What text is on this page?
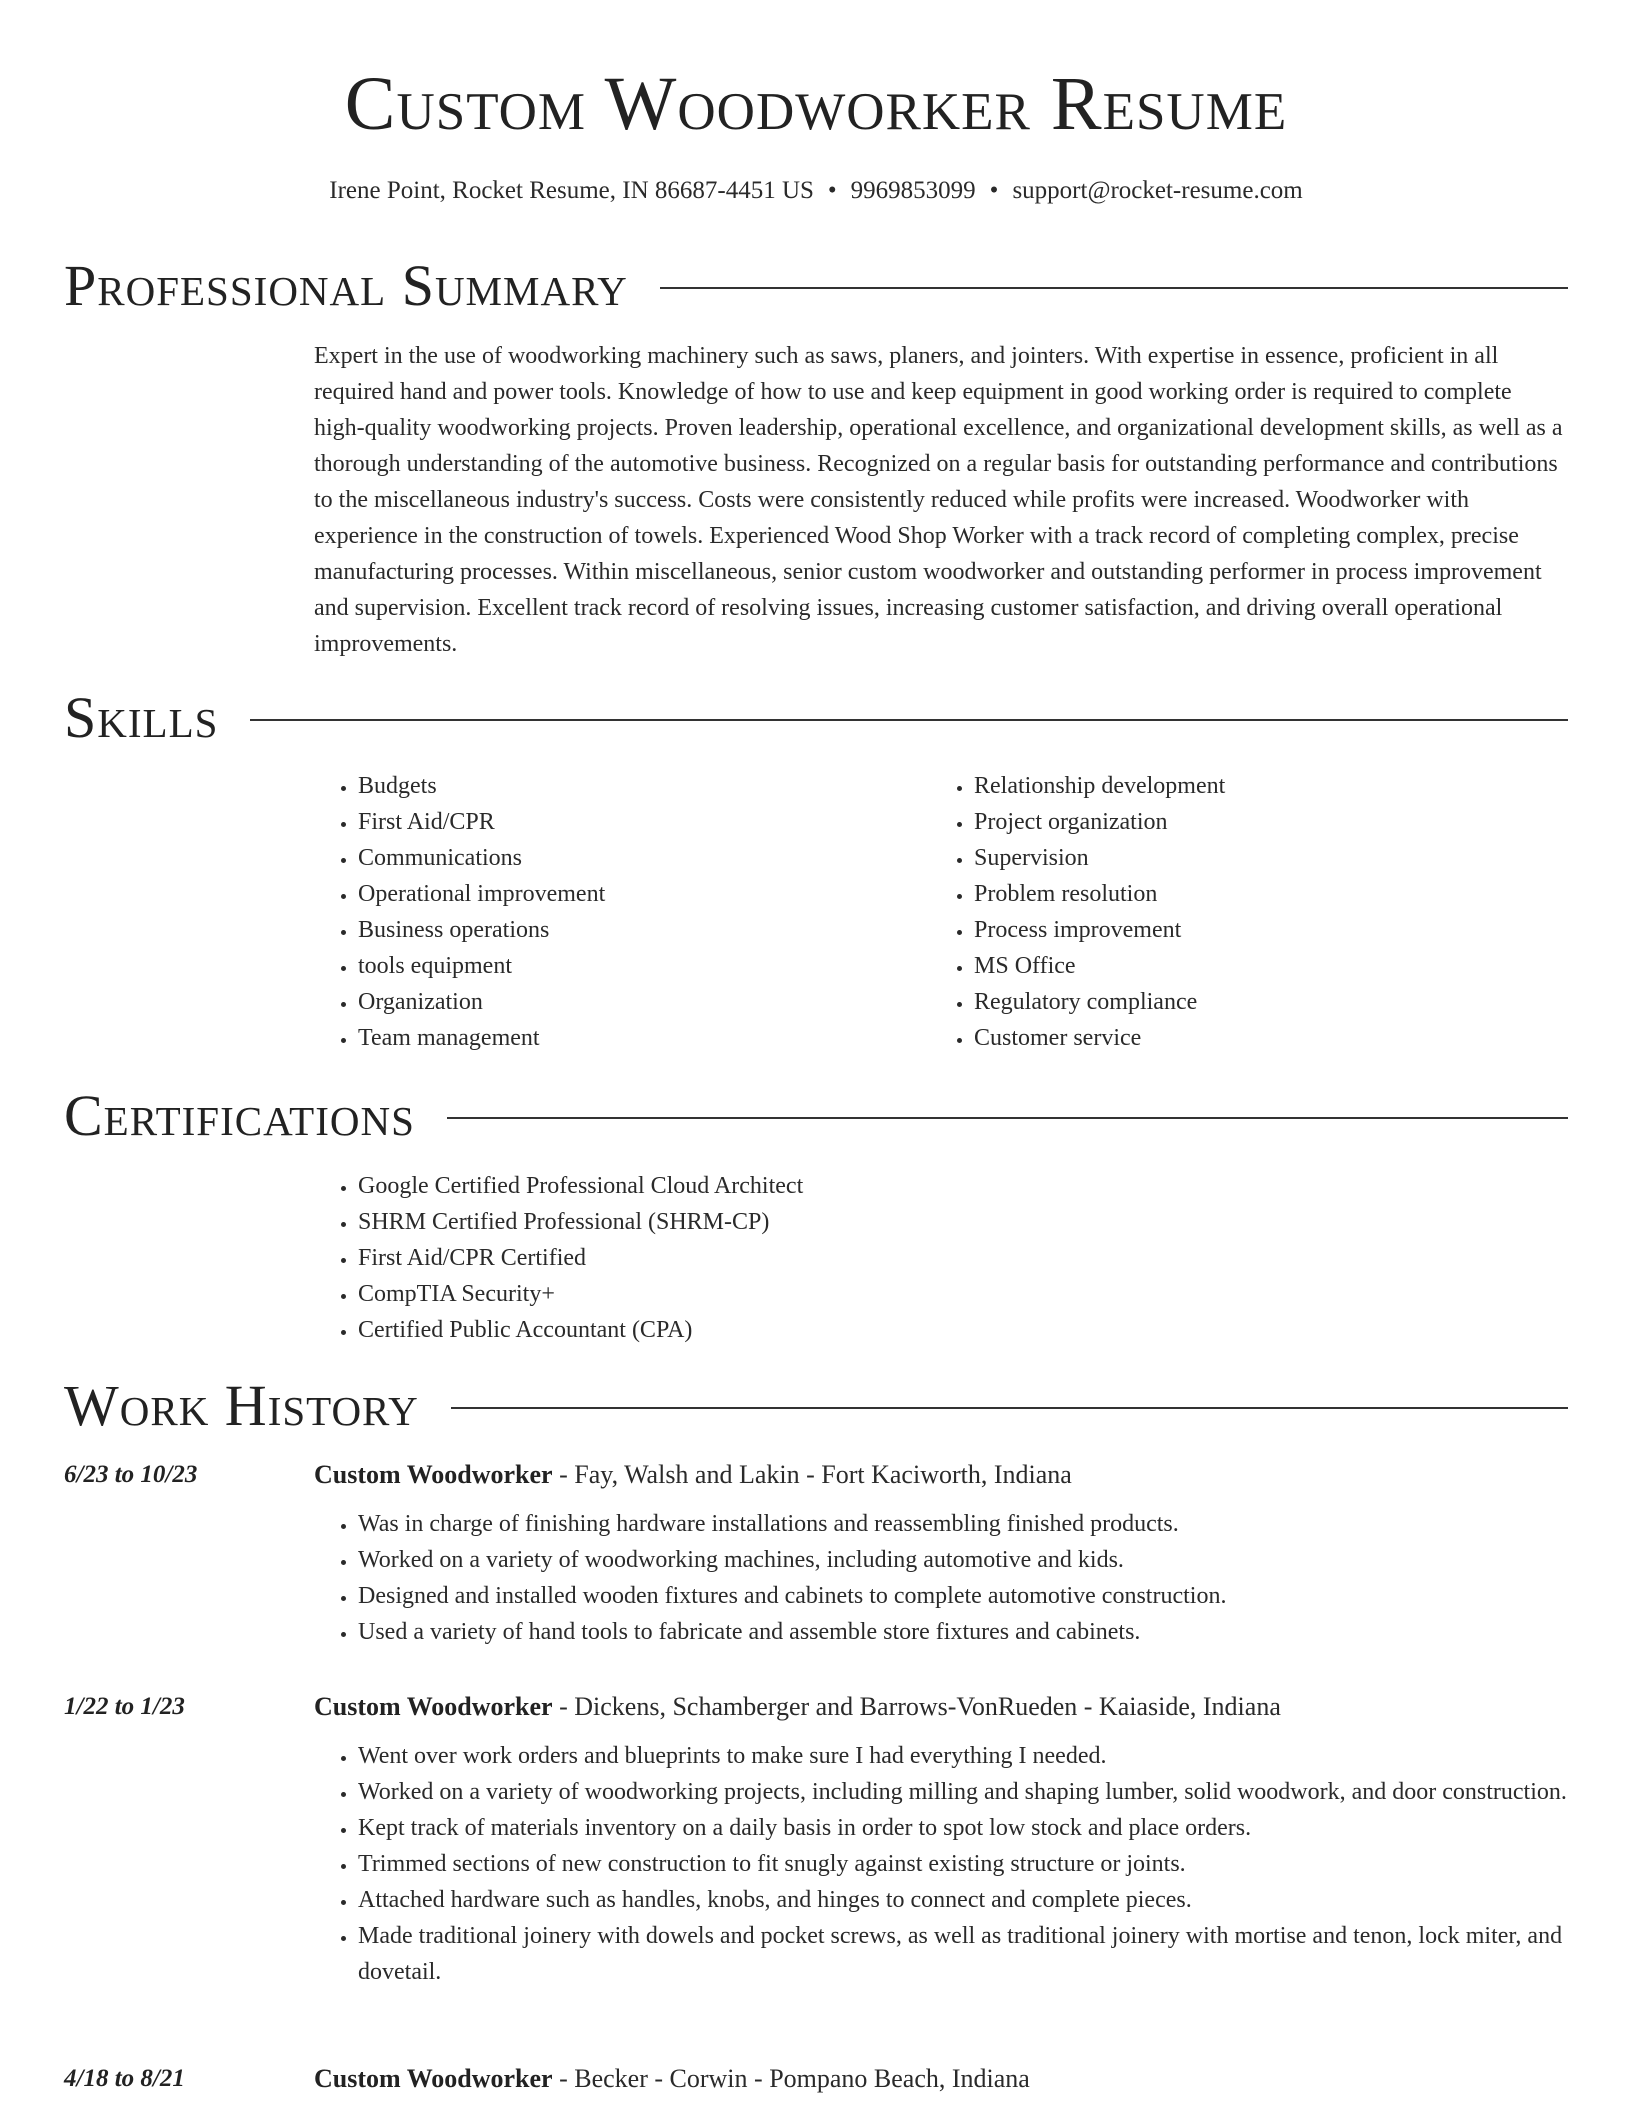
Custom Woodworker Resume
Irene Point, Rocket Resume, IN 86687-4451 US • 9969853099 • support@rocket-resume.com
Professional Summary

Expert in the use of woodworking machinery such as saws, planers, and jointers. With expertise in essence, proficient in all required hand and power tools. Knowledge of how to use and keep equipment in good working order is required to complete high-quality woodworking projects. Proven leadership, operational excellence, and organizational development skills, as well as a thorough understanding of the automotive business. Recognized on a regular basis for outstanding performance and contributions to the miscellaneous industry's success. Costs were consistently reduced while profits were increased. Woodworker with experience in the construction of towels. Experienced Wood Shop Worker with a track record of completing complex, precise manufacturing processes. Within miscellaneous, senior custom woodworker and outstanding performer in process improvement and supervision. Excellent track record of resolving issues, increasing customer satisfaction, and driving overall operational improvements.

Skills
• Budgets
• First Aid/CPR
• Communications
• Operational improvement
• Business operations
• tools equipment
• Organization
• Team management
• Relationship development
• Project organization
• Supervision
• Problem resolution
• Process improvement
• MS Office
• Regulatory compliance
• Customer service
Certifications
• Google Certified Professional Cloud Architect
• SHRM Certified Professional (SHRM-CP)
• First Aid/CPR Certified
• CompTIA Security+
• Certified Public Accountant (CPA)
Work History
6/23 to 10/23	Custom Woodworker - Fay, Walsh and Lakin - Fort Kaciworth, Indiana
• Was in charge of finishing hardware installations and reassembling finished products.
• Worked on a variety of woodworking machines, including automotive and kids.
• Designed and installed wooden fixtures and cabinets to complete automotive construction.
• Used a variety of hand tools to fabricate and assemble store fixtures and cabinets.
1/22 to 1/23	Custom Woodworker - Dickens, Schamberger and Barrows-VonRueden - Kaiaside, Indiana
• Went over work orders and blueprints to make sure I had everything I needed.
• Worked on a variety of woodworking projects, including milling and shaping lumber, solid woodwork, and door construction.
• Kept track of materials inventory on a daily basis in order to spot low stock and place orders.
• Trimmed sections of new construction to fit snugly against existing structure or joints.
• Attached hardware such as handles, knobs, and hinges to connect and complete pieces.
• Made traditional joinery with dowels and pocket screws, as well as traditional joinery with mortise and tenon, lock miter, and dovetail.
4/18 to 8/21	Custom Woodworker - Becker - Corwin - Pompano Beach, Indiana
